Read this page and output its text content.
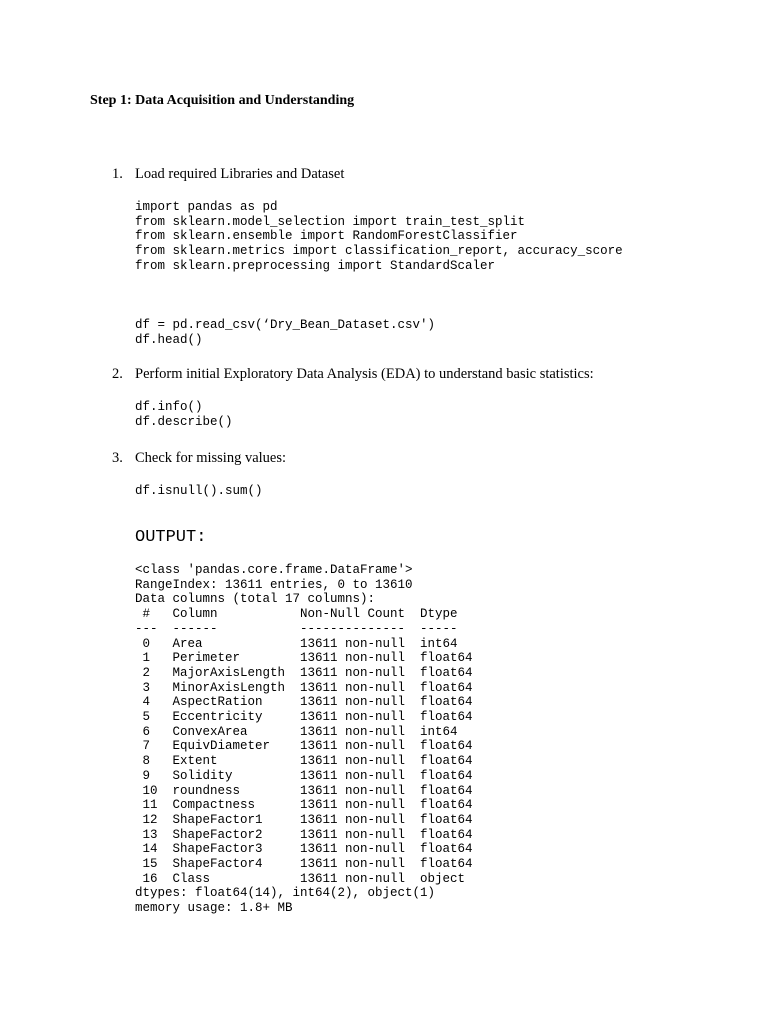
Step 1: Data Acquisition and Understanding
1. Load required Libraries and Dataset
import pandas as pd
from sklearn.model_selection import train_test_split
from sklearn.ensemble import RandomForestClassifier
from sklearn.metrics import classification_report, accuracy_score
from sklearn.preprocessing import StandardScaler
df = pd.read_csv(‘Dry_Bean_Dataset.csv')
df.head()
2. Perform initial Exploratory Data Analysis (EDA) to understand basic statistics:
df.info()
df.describe()
3. Check for missing values:
df.isnull().sum()
OUTPUT:
<class 'pandas.core.frame.DataFrame'>
RangeIndex: 13611 entries, 0 to 13610
Data columns (total 17 columns):
#   Column           Non-Null Count  Dtype
---  ------           --------------  -----
0   Area             13611 non-null  int64
1   Perimeter        13611 non-null  float64
2   MajorAxisLength  13611 non-null  float64
3   MinorAxisLength  13611 non-null  float64
4   AspectRation     13611 non-null  float64
5   Eccentricity     13611 non-null  float64
6   ConvexArea       13611 non-null  int64
7   EquivDiameter    13611 non-null  float64
8   Extent           13611 non-null  float64
9   Solidity         13611 non-null  float64
10  roundness        13611 non-null  float64
11  Compactness      13611 non-null  float64
12  ShapeFactor1     13611 non-null  float64
13  ShapeFactor2     13611 non-null  float64
14  ShapeFactor3     13611 non-null  float64
15  ShapeFactor4     13611 non-null  float64
16  Class            13611 non-null  object
dtypes: float64(14), int64(2), object(1)
memory usage: 1.8+ MB
